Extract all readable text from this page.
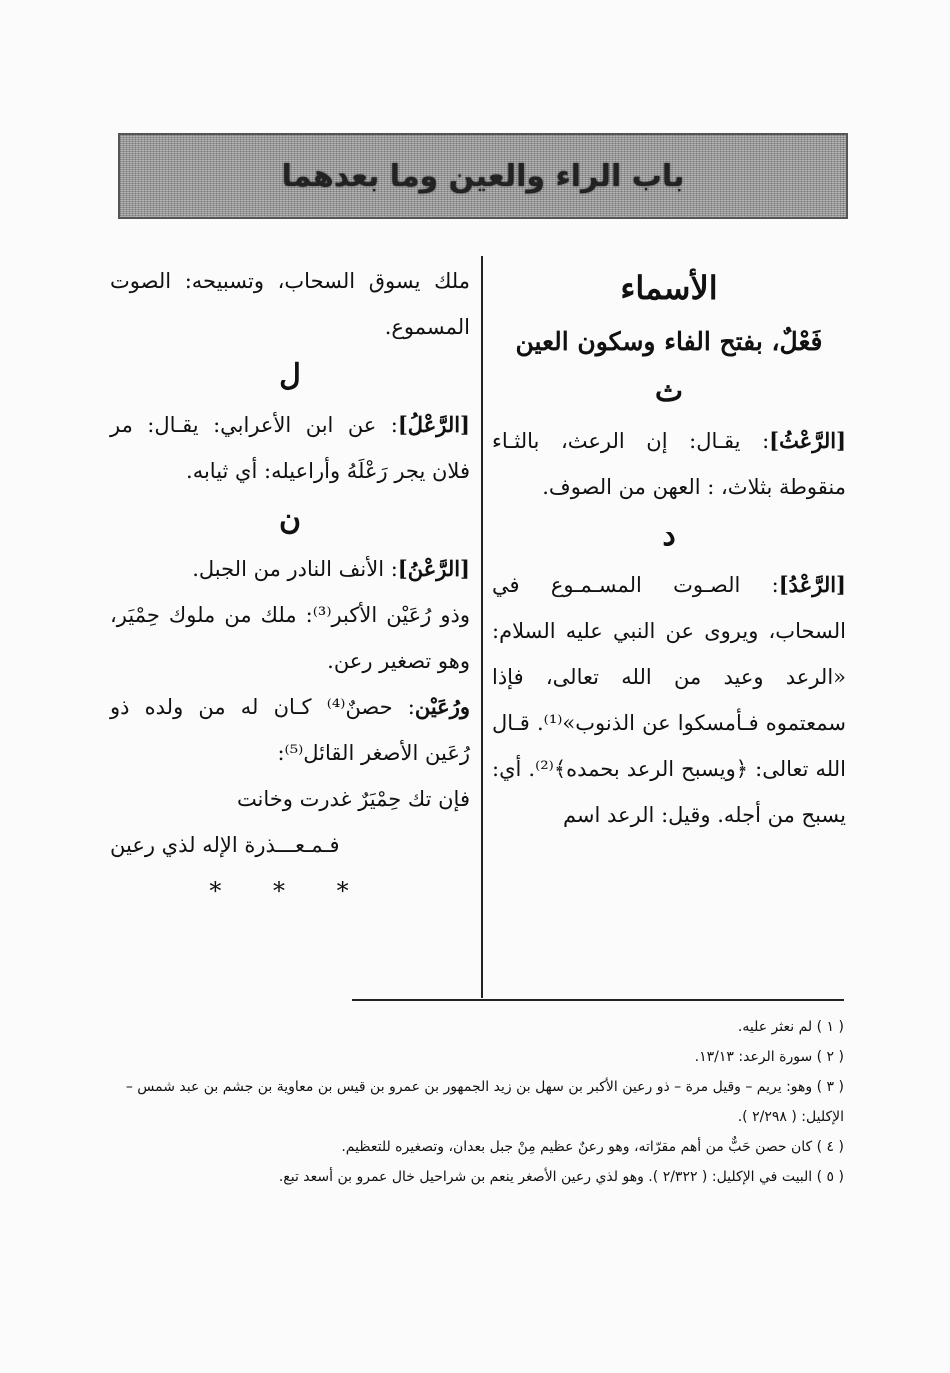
باب الراء والعين وما بعدهما

الأسماء

فَعْلٌ، بفتح الفاء وسكون العين

ث

[الرَّعْثُ]: يقـال: إن الرعث، بالثـاء منقوطة بثلاث، : العهن من الصوف.

د

[الرَّعْدُ]: الصـوت المسـمـوع في السحاب، ويروى عن النبي عليه السلام: «الرعد وعيد من الله تعالى، فإذا سمعتموه فـأمسكوا عن الذنوب»⁽¹⁾. قـال الله تعالى: ﴿ويسبح الرعد بحمده﴾⁽²⁾. أي: يسبح من أجله. وقيل: الرعد اسم

ملك يسوق السحاب، وتسبيحه: الصوت المسموع.

ل

[الرَّعْلُ]: عن ابن الأعرابي: يقـال: مر فلان يجر رَعْلَهُ وأراعيله: أي ثيابه.

ن

[الرَّعْنُ]: الأنف النادر من الجبل.

وذو رُعَيْن الأكبر⁽³⁾: ملك من ملوك حِمْيَر، وهو تصغير رعن.

ورُعَيْن: حصنٌ⁽⁴⁾ كـان له من ولده ذو رُعَين الأصغر القائل⁽⁵⁾:

فإن تك حِمْيَرٌ غدرت وخانت

فـمـعـــذرة الإله لذي رعين

* * *

( ١ ) لم نعثر عليه.

( ٢ ) سورة الرعد: ١٣/١٣.

( ٣ ) وهو: يريم – وقيل مرة – ذو رعين الأكبر بن سهل بن زيد الجمهور بن عمرو بن قيس بن معاوية بن جشم بن عبد شمس – الإكليل: ( ٢/٢٩٨ ).

( ٤ ) كان حصن حَبٌّ من أهم مقرّاته، وهو رعنٌ عظيم مِنْ جبل بعدان، وتصغيره للتعظيم.

( ٥ ) البيت في الإكليل: ( ٢/٣٢٢ ). وهو لذي رعين الأصغر ينعم بن شراحيل خال عمرو بن أسعد تبع.
